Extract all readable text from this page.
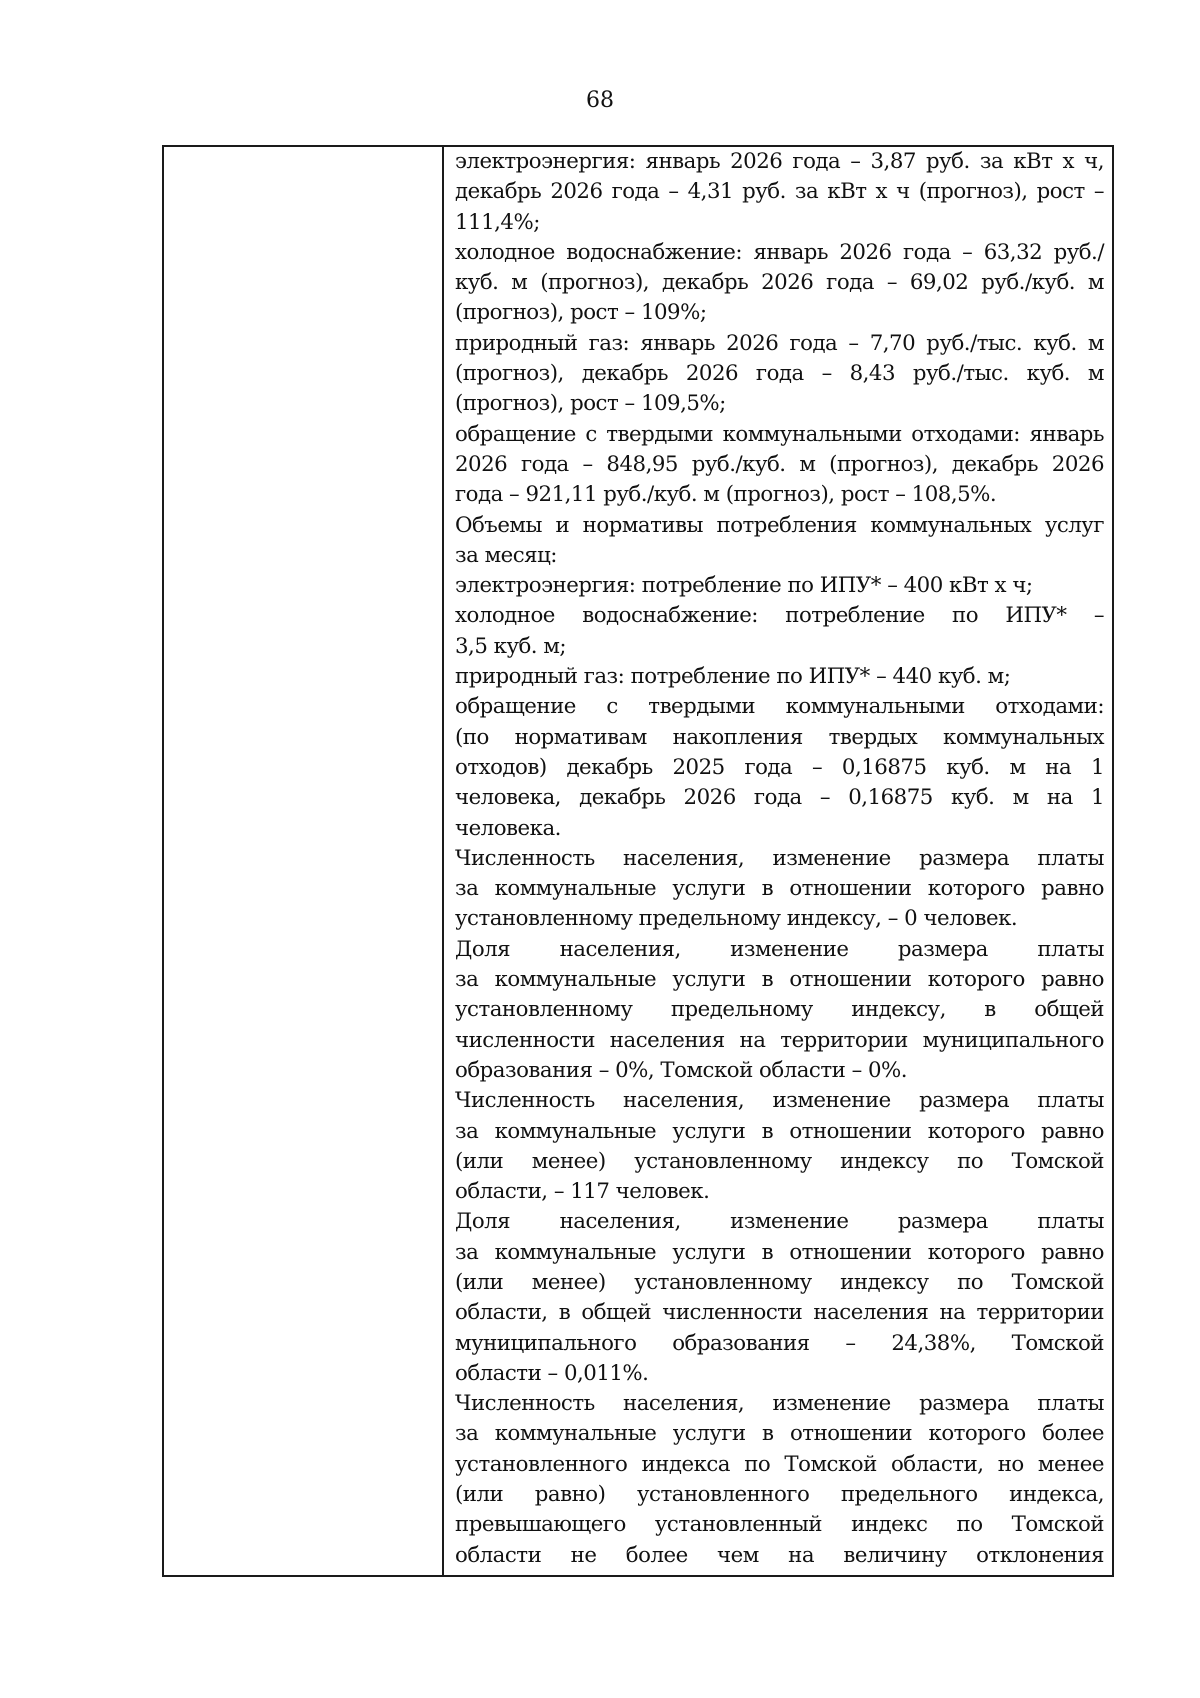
68
электроэнергия: январь 2026 года – 3,87 руб. за кВт х ч,
декабрь 2026 года – 4,31 руб. за кВт х ч (прогноз), рост –
111,4%;
холодное водоснабжение: январь 2026 года – 63,32 руб./
куб. м (прогноз), декабрь 2026 года – 69,02 руб./куб. м
(прогноз), рост – 109%;
природный газ: январь 2026 года – 7,70 руб./тыс. куб. м
(прогноз), декабрь 2026 года – 8,43 руб./тыс. куб. м
(прогноз), рост – 109,5%;
обращение с твердыми коммунальными отходами: январь
2026 года – 848,95 руб./куб. м (прогноз), декабрь 2026
года – 921,11 руб./куб. м (прогноз), рост – 108,5%.
Объемы и нормативы потребления коммунальных услуг
за месяц:
электроэнергия: потребление по ИПУ* – 400 кВт х ч;
холодное водоснабжение: потребление по ИПУ* –
3,5 куб. м;
природный газ: потребление по ИПУ* – 440 куб. м;
обращение с твердыми коммунальными отходами:
(по нормативам накопления твердых коммунальных
отходов) декабрь 2025 года – 0,16875 куб. м на 1
человека, декабрь 2026 года – 0,16875 куб. м на 1
человека.
Численность населения, изменение размера платы
за коммунальные услуги в отношении которого равно
установленному предельному индексу, – 0 человек.
Доля населения, изменение размера платы
за коммунальные услуги в отношении которого равно
установленному предельному индексу, в общей
численности населения на территории муниципального
образования – 0%, Томской области – 0%.
Численность населения, изменение размера платы
за коммунальные услуги в отношении которого равно
(или менее) установленному индексу по Томской
области, – 117 человек.
Доля населения, изменение размера платы
за коммунальные услуги в отношении которого равно
(или менее) установленному индексу по Томской
области, в общей численности населения на территории
муниципального образования – 24,38%, Томской
области – 0,011%.
Численность населения, изменение размера платы
за коммунальные услуги в отношении которого более
установленного индекса по Томской области, но менее
(или равно) установленного предельного индекса,
превышающего установленный индекс по Томской
области не более чем на величину отклонения
